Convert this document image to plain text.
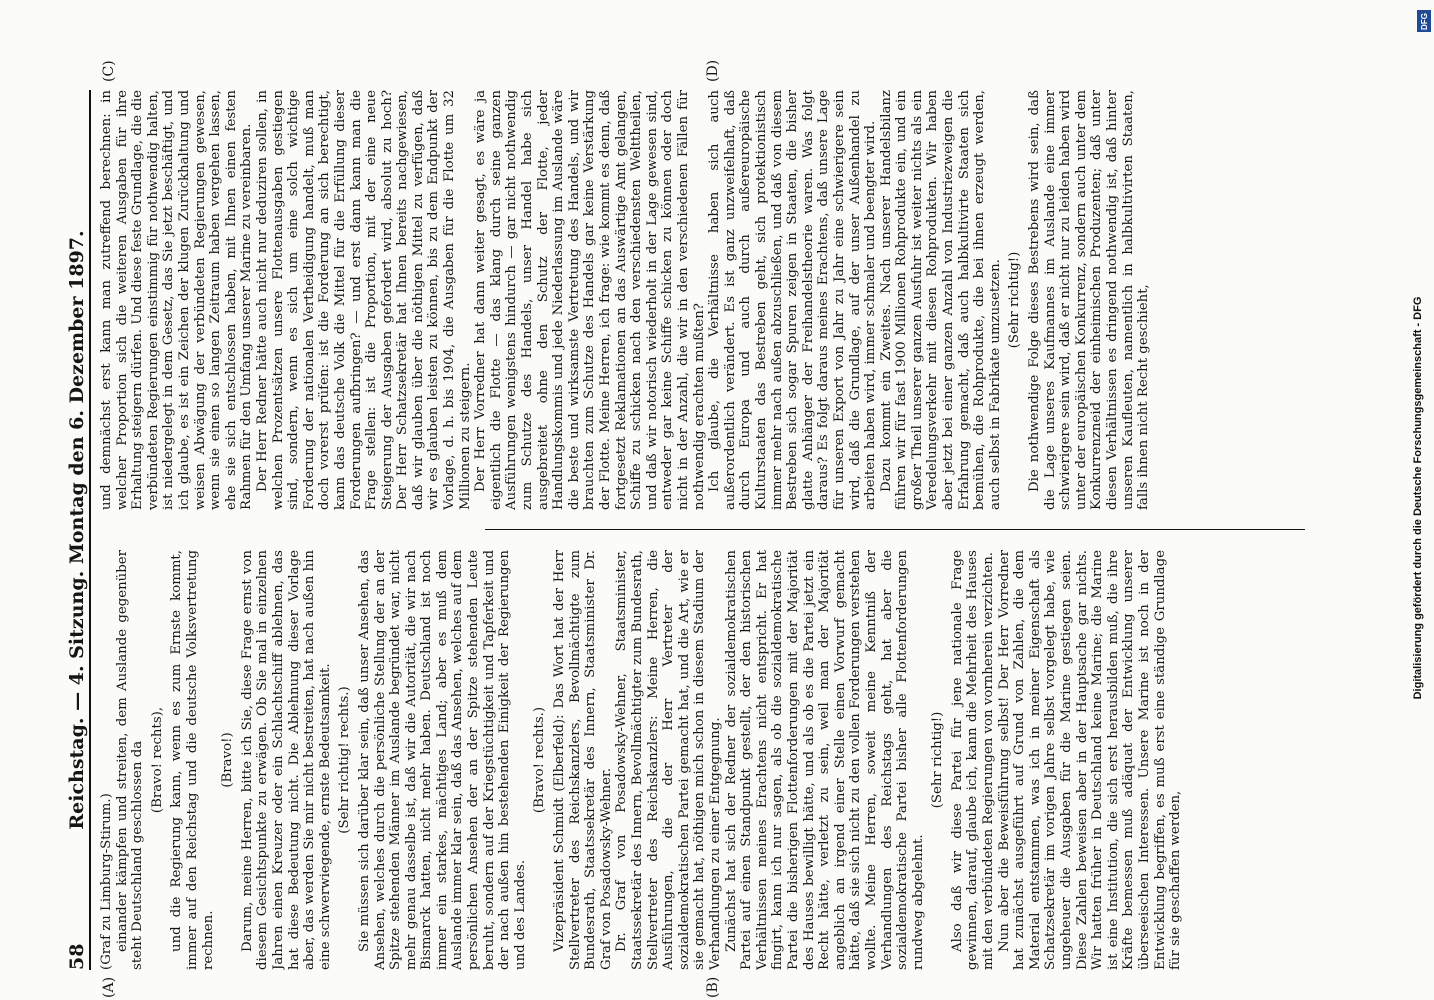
58
Reichstag. — 4. Sitzung. Montag den 6. Dezember 1897.

(Graf zu Limburg-Stirum.) einander kämpfen und streiten, dem Auslande gegenüber steht Deutschland geschlossen da (Bravo! rechts), und die Regierung kann, wenn es zum Ernste kommt, immer auf den Reichstag und die deutsche Volksvertretung rechnen.

(Bravo!) Darum, meine Herren, bitte ich Sie, diese Frage ernst von diesem Gesichtspunkte zu erwägen. Ob Sie mal in einzelnen Jahren einen Kreuzer oder ein Schlachtschiff ablehnen, das hat diese Bedeutung nicht. Die Ablehnung dieser Vorlage aber, das werden Sie mir nicht bestreiten, hat nach außen hin eine schwerwiegende, ernste Bedeutsamkeit. (Sehr richtig! rechts.) Sie müssen sich darüber klar sein, daß unser Ansehen, das Ansehen, welches durch die persönliche Stellung der an der Spitze stehenden Männer im Auslande begründet war, nicht mehr genau dasselbe ist, daß wir die Autorität, die wir nach Bismarck hatten, nicht mehr haben. Deutschland ist noch immer ein starkes, mächtiges Land; aber es muß dem Auslande immer klar sein, daß das Ansehen, welches auf dem persönlichen Ansehen der an der Spitze stehenden Leute beruht, sondern auf der Kriegstüchtigkeit und Tapferkeit und der nach außen hin bestehenden Einigkeit der Regierungen und des Landes.

(Bravo! rechts.) Vizepräsident Schmidt (Elberfeld): Das Wort hat der Herr Stellvertreter des Reichskanzlers, Bevollmächtigte zum Bundesrath, Staatssekretär des Innern, Staatsminister Dr. Graf von Posadowsky-Wehner. Dr. Graf von Posadowsky-Wehner, Staatsminister, Staatssekretär des Innern, Bevollmächtigter zum Bundesrath, Stellvertreter des Reichskanzlers: Meine Herren, die Ausführungen, die der Herr Vertreter der sozialdemokratischen Partei gemacht hat, und die Art, wie er sie gemacht hat, nöthigen mich schon in diesem Stadium der Verhandlungen zu einer Entgegnung. Zunächst hat sich der Redner der sozialdemokratischen Partei auf einen Standpunkt gestellt, der den historischen Verhältnissen meines Erachtens nicht entspricht. Er hat fingirt, kann ich nur sagen, als ob die sozialdemokratische Partei die bisherigen Flottenforderungen mit der Majorität des Hauses bewilligt hätte, und als ob es die Partei jetzt ein Recht hätte, verletzt zu sein, weil man der Majorität angeblich an irgend einer Stelle einen Vorwurf gemacht hätte, daß sie sich nicht zu den vollen Forderungen verstehen wollte. Meine Herren, soweit meine Kenntniß der Verhandlungen des Reichstags geht, hat aber die sozialdemokratische Partei bisher alle Flottenforderungen rundweg abgelehnt.

(Sehr richtig!) Also daß wir diese Partei für jene nationale Frage gewinnen, darauf, glaube ich, kann die Mehrheit des Hauses mit den verbündeten Regierungen von vornherein verzichten. Nun aber die Beweisführung selbst! Der Herr Vorredner hat zunächst ausgeführt auf Grund von Zahlen, die dem Material entstammen, was ich in meiner Eigenschaft als Schatzsekretär im vorigen Jahre selbst vorgelegt habe, wie ungeheuer die Ausgaben für die Marine gestiegen seien. Diese Zahlen beweisen aber in der Hauptsache gar nichts. Wir hatten früher in Deutschland keine Marine; die Marine ist eine Institution, die sich erst herausbilden muß, die ihre Kräfte bemessen muß adäquat der Entwicklung unserer überseeischen Interessen. Unsere Marine ist noch in der Entwicklung begriffen, es muß erst eine ständige Grundlage für sie geschaffen werden,

und demnächst erst kann man zutreffend berechnen: in welcher Proportion sich die weiteren Ausgaben für ihre Erhaltung steigern dürfen. Und diese feste Grundlage, die die verbündeten Regierungen einstimmig für nothwendig halten, ist niedergelegt in dem Gesetz, das Sie jetzt beschäftigt, und ich glaube, es ist ein Zeichen der klugen Zurückhaltung und weisen Abwägung der verbündeten Regierungen gewesen, wenn sie einen so langen Zeitraum haben vergehen lassen, ehe sie sich entschlossen haben, mit Ihnen einen festen Rahmen für den Umfang unserer Marine zu vereinbaren. Der Herr Redner hätte auch nicht nur deduziren sollen, in welchen Prozentsätzen unsere Flottenausgaben gestiegen sind, sondern, wenn es sich um eine solch wichtige Forderung der nationalen Vertheidigung handelt, muß man doch vorerst prüfen: ist die Forderung an sich berechtigt, kann das deutsche Volk die Mittel für die Erfüllung dieser Forderungen aufbringen? — und erst dann kann man die Frage stellen: ist die Proportion, mit der eine neue Steigerung der Ausgaben gefordert wird, absolut zu hoch? Der Herr Schatzsekretär hat Ihnen bereits nachgewiesen, daß wir glauben über die nöthigen Mittel zu verfügen, daß wir es glauben leisten zu können, bis zu dem Endpunkt der Vorlage, d. h. bis 1904, die Ausgaben für die Flotte um 32 Millionen zu steigern. Der Herr Vorredner hat dann weiter gesagt, es wäre ja eigentlich die Flotte — das klang durch seine ganzen Ausführungen wenigstens hindurch — gar nicht nothwendig zum Schutze des Handels, unser Handel habe sich ausgebreitet ohne den Schutz der Flotte, jeder Handlungskommis und jede Niederlassung im Auslande wäre die beste und wirksamste Vertretung des Handels, und wir brauchten zum Schutze des Handels gar keine Verstärkung der Flotte. Meine Herren, ich frage: wie kommt es denn, daß fortgesetzt Reklamationen an das Auswärtige Amt gelangen, Schiffe zu schicken nach den verschiedensten Welttheilen, und daß wir notorisch wiederholt in der Lage gewesen sind, entweder gar keine Schiffe schicken zu können oder doch nicht in der Anzahl, die wir in den verschiedenen Fällen für nothwendig erachten mußten? Ich glaube, die Verhältnisse haben sich auch außerordentlich verändert. Es ist ganz unzweifelhaft, daß durch Europa und auch durch außereuropäische Kulturstaaten das Bestreben geht, sich protektionistisch immer mehr nach außen abzuschließen, und daß von diesem Bestreben sich sogar Spuren zeigen in Staaten, die bisher glatte Anhänger der Freihandelstheorie waren. Was folgt daraus? Es folgt daraus meines Erachtens, daß unsere Lage für unseren Export von Jahr zu Jahr eine schwierigere sein wird, daß die Grundlage, auf der unser Außenhandel zu arbeiten haben wird, immer schmaler und beengter wird. Dazu kommt ein Zweites. Nach unserer Handelsbilanz führen wir für fast 1900 Millionen Rohprodukte ein, und ein großer Theil unserer ganzen Ausfuhr ist weiter nichts als ein Veredelungsverkehr mit diesen Rohprodukten. Wir haben aber jetzt bei einer ganzen Anzahl von Industriezweigen die Erfahrung gemacht, daß auch halbkultivirte Staaten sich bemühen, die Rohprodukte, die bei ihnen erzeugt werden, auch selbst in Fabrikate umzusetzen. (Sehr richtig!) Die nothwendige Folge dieses Bestrebens wird sein, daß die Lage unseres Kaufmannes im Auslande eine immer schwierigere sein wird, daß er nicht nur zu leiden haben wird unter der europäischen Konkurrenz, sondern auch unter dem Konkurrenzneid der einheimischen Produzenten; daß unter diesen Verhältnissen es dringend nothwendig ist, daß hinter unseren Kaufleuten, namentlich in halbkultivirten Staaten, falls ihnen nicht Recht geschieht,

(A)	(B)
(C)	(D)
Digitalisierung gefördert durch die Deutsche Forschungsgemeinschaft - DFG
DFG
